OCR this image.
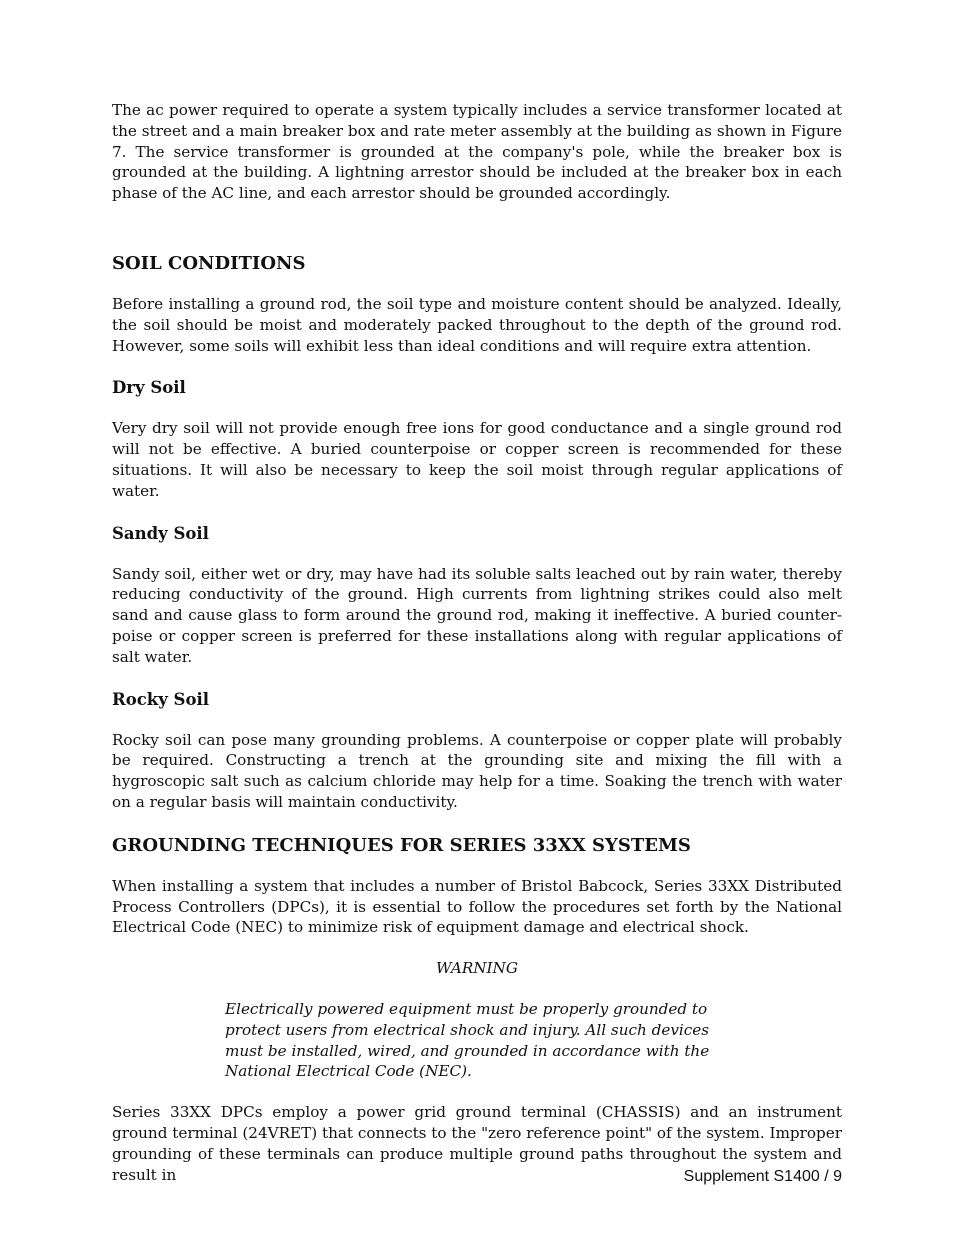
The ac power required to operate a system typically includes a service transformer located at the street and a main breaker box and rate meter assembly at the building as shown in Figure 7. The service transformer is grounded at the company's pole, while the breaker box is grounded at the building. A lightning arrestor should be included at the breaker box in each phase of the AC line, and each arrestor should be grounded accordingly.

SOIL CONDITIONS

Before installing a ground rod, the soil type and moisture content should be analyzed. Ideally, the soil should be moist and moderately packed throughout to the depth of the ground rod. However, some soils will exhibit less than ideal conditions and will require extra attention.

Dry Soil

Very dry soil will not provide enough free ions for good conductance and a single ground rod will not be effective. A buried counterpoise or copper screen is recommended for these situations. It will also be necessary to keep the soil moist through regular applications of water.

Sandy Soil

Sandy soil, either wet or dry, may have had its soluble salts leached out by rain water, thereby reducing conductivity of the ground. High currents from lightning strikes could also melt sand and cause glass to form around the ground rod, making it ineffective. A buried counter- poise or copper screen is preferred for these installations along with regular applications of salt water.

Rocky Soil

Rocky soil can pose many grounding problems. A counterpoise or copper plate will probably be required. Constructing a trench at the grounding site and mixing the fill with a hygroscopic salt such as calcium chloride may help for a time. Soaking the trench with water on a regular basis will maintain conductivity.

GROUNDING TECHNIQUES FOR SERIES 33XX SYSTEMS

When installing a system that includes a number of Bristol Babcock, Series 33XX Distributed Process Controllers (DPCs), it is essential to follow the procedures set forth by the National Electrical Code (NEC) to minimize risk of equipment damage and electrical shock.

WARNING

Electrically powered equipment must be properly grounded to protect users from electrical shock and injury. All such devices must be installed, wired, and grounded in accordance with the National Electrical Code (NEC).

Series 33XX DPCs employ a power grid ground terminal (CHASSIS) and an instrument ground terminal (24VRET) that connects to the "zero reference point" of the system. Improper grounding of these terminals can produce multiple ground paths throughout the system and result in	Supplement S1400 / 9
